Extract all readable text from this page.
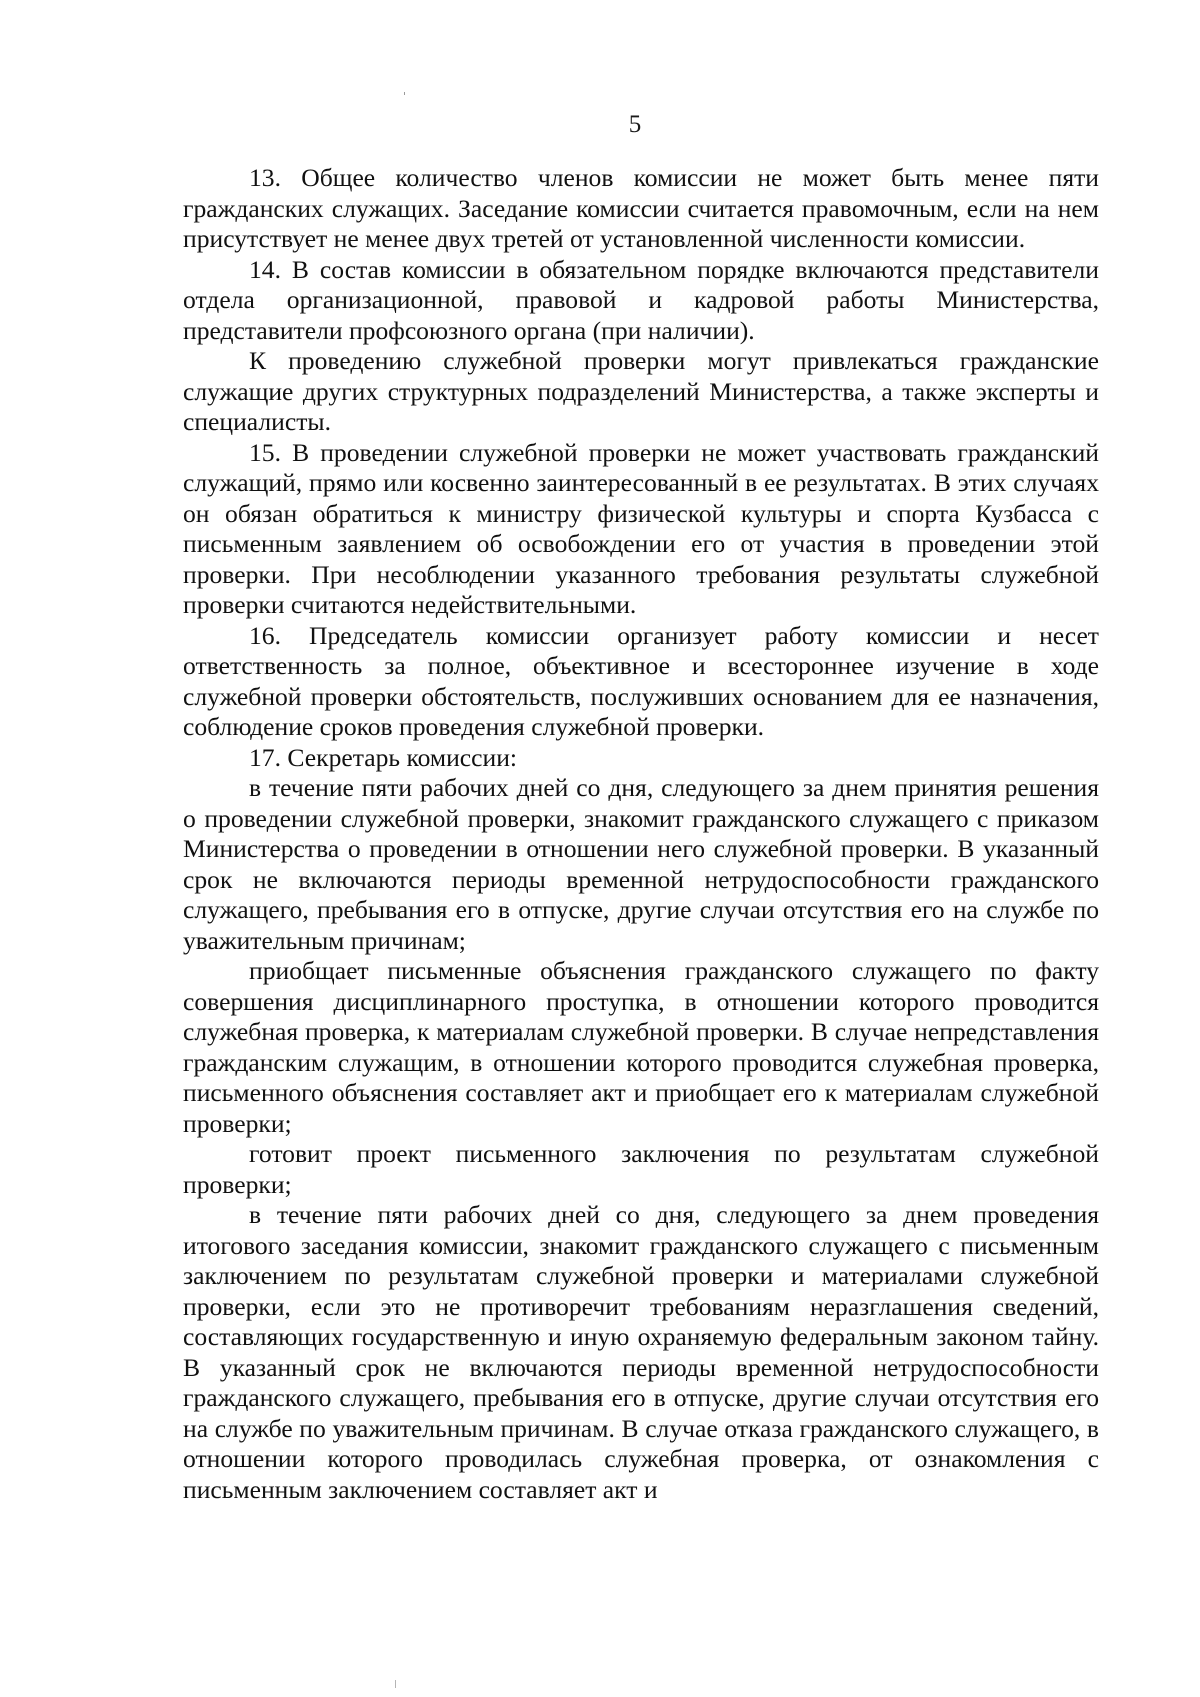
5

13. Общее количество членов комиссии не может быть менее пяти гражданских служащих. Заседание комиссии считается правомочным, если на нем присутствует не менее двух третей от установленной численности комиссии.

14. В состав комиссии в обязательном порядке включаются представители отдела организационной, правовой и кадровой работы Министерства, представители профсоюзного органа (при наличии).

К проведению служебной проверки могут привлекаться гражданские служащие других структурных подразделений Министерства, а также эксперты и специалисты.

15. В проведении служебной проверки не может участвовать гражданский служащий, прямо или косвенно заинтересованный в ее результатах. В этих случаях он обязан обратиться к министру физической культуры и спорта Кузбасса с письменным заявлением об освобождении его от участия в проведении этой проверки. При несоблюдении указанного требования результаты служебной проверки считаются недействительными.

16. Председатель комиссии организует работу комиссии и несет ответственность за полное, объективное и всестороннее изучение в ходе служебной проверки обстоятельств, послуживших основанием для ее назначения, соблюдение сроков проведения служебной проверки.

17. Секретарь комиссии:

в течение пяти рабочих дней со дня, следующего за днем принятия решения о проведении служебной проверки, знакомит гражданского служащего с приказом Министерства о проведении в отношении него служебной проверки. В указанный срок не включаются периоды временной нетрудоспособности гражданского служащего, пребывания его в отпуске, другие случаи отсутствия его на службе по уважительным причинам;

приобщает письменные объяснения гражданского служащего по факту совершения дисциплинарного проступка, в отношении которого проводится служебная проверка, к материалам служебной проверки. В случае непредставления гражданским служащим, в отношении которого проводится служебная проверка, письменного объяснения составляет акт и приобщает его к материалам служебной проверки;

готовит проект письменного заключения по результатам служебной проверки;

в течение пяти рабочих дней со дня, следующего за днем проведения итогового заседания комиссии, знакомит гражданского служащего с письменным заключением по результатам служебной проверки и материалами служебной проверки, если это не противоречит требованиям неразглашения сведений, составляющих государственную и иную охраняемую федеральным законом тайну. В указанный срок не включаются периоды временной нетрудоспособности гражданского служащего, пребывания его в отпуске, другие случаи отсутствия его на службе по уважительным причинам. В случае отказа гражданского служащего, в отношении которого проводилась служебная проверка, от ознакомления с письменным заключением составляет акт и
